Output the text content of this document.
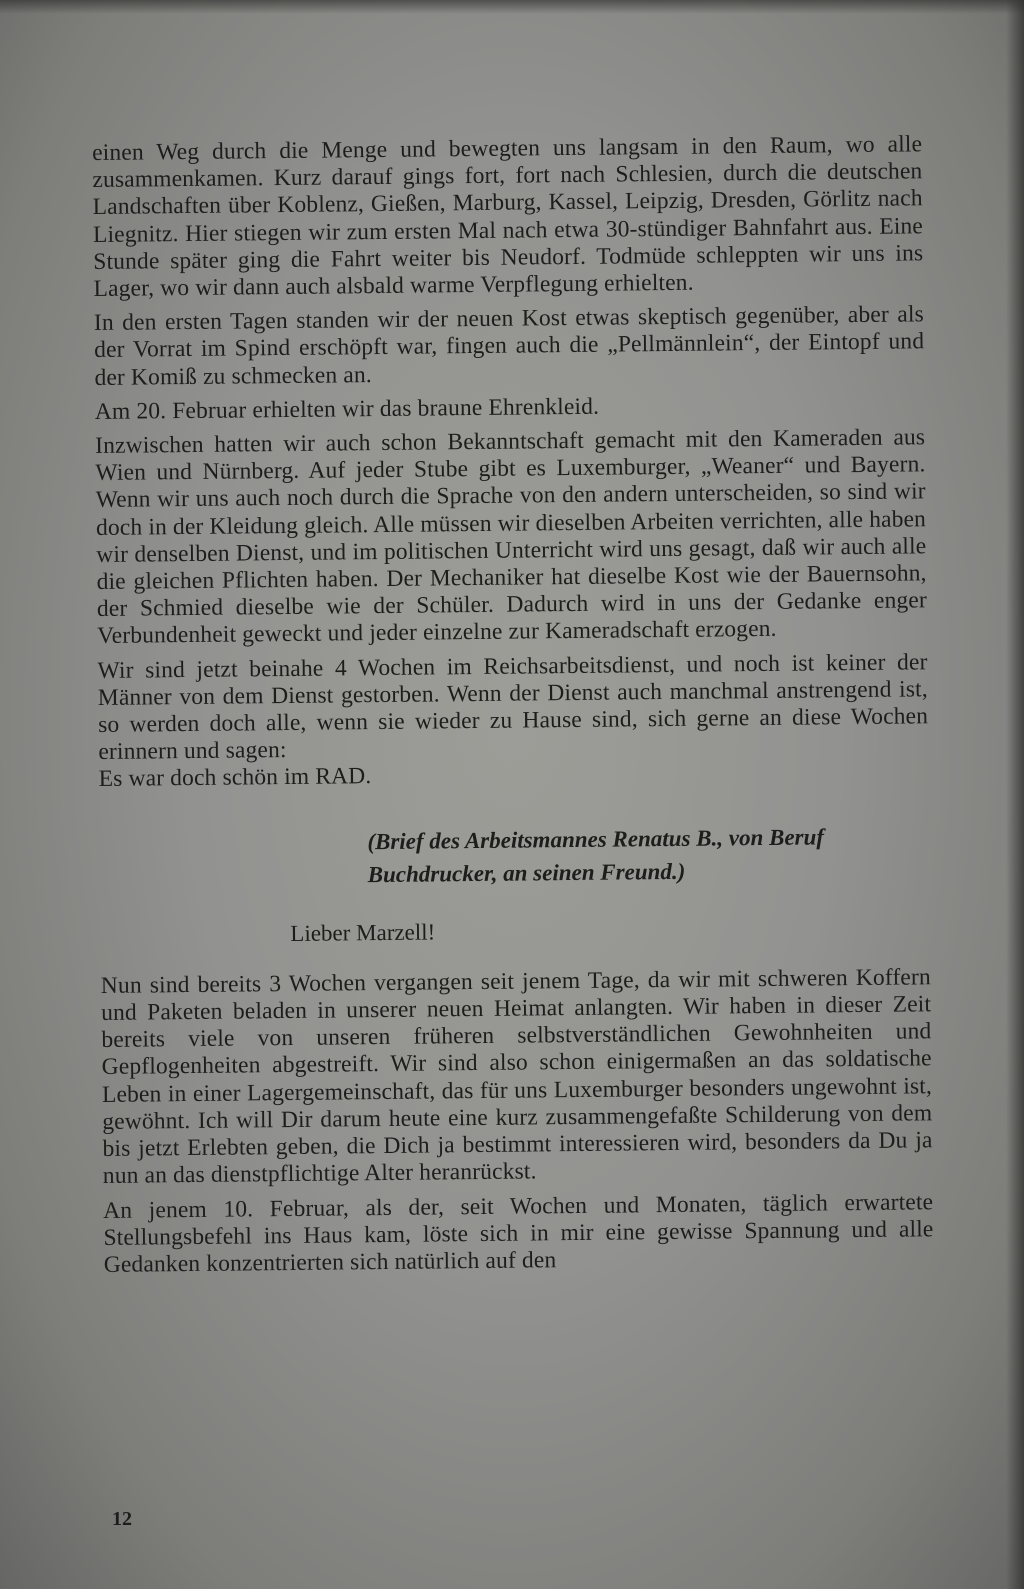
einen Weg durch die Menge und bewegten uns langsam in den Raum, wo alle zusammenkamen. Kurz darauf gings fort, fort nach Schlesien, durch die deutschen Landschaften über Koblenz, Gießen, Marburg, Kassel, Leipzig, Dresden, Görlitz nach Liegnitz. Hier stiegen wir zum ersten Mal nach etwa 30-stündiger Bahnfahrt aus. Eine Stunde später ging die Fahrt weiter bis Neudorf. Todmüde schleppten wir uns ins Lager, wo wir dann auch alsbald warme Verpflegung erhielten.

In den ersten Tagen standen wir der neuen Kost etwas skeptisch gegenüber, aber als der Vorrat im Spind erschöpft war, fingen auch die „Pellmännlein“, der Eintopf und der Komiß zu schmecken an.

Am 20. Februar erhielten wir das braune Ehrenkleid.

Inzwischen hatten wir auch schon Bekanntschaft gemacht mit den Kameraden aus Wien und Nürnberg. Auf jeder Stube gibt es Luxemburger, „Weaner“ und Bayern. Wenn wir uns auch noch durch die Sprache von den andern unterscheiden, so sind wir doch in der Kleidung gleich. Alle müssen wir dieselben Arbeiten verrichten, alle haben wir denselben Dienst, und im politischen Unterricht wird uns gesagt, daß wir auch alle die gleichen Pflichten haben. Der Mechaniker hat dieselbe Kost wie der Bauernsohn, der Schmied dieselbe wie der Schüler. Dadurch wird in uns der Gedanke enger Verbundenheit geweckt und jeder einzelne zur Kameradschaft erzogen.

Wir sind jetzt beinahe 4 Wochen im Reichsarbeitsdienst, und noch ist keiner der Männer von dem Dienst gestorben. Wenn der Dienst auch manchmal anstrengend ist, so werden doch alle, wenn sie wieder zu Hause sind, sich gerne an diese Wochen erinnern und sagen:

Es war doch schön im RAD.

(Brief des Arbeitsmannes Renatus B., von Beruf
Buchdrucker, an seinen Freund.)
Lieber Marzell!

Nun sind bereits 3 Wochen vergangen seit jenem Tage, da wir mit schweren Koffern und Paketen beladen in unserer neuen Heimat anlangten. Wir haben in dieser Zeit bereits viele von unseren früheren selbstverständlichen Gewohnheiten und Gepflogenheiten abgestreift. Wir sind also schon einigermaßen an das soldatische Leben in einer Lagergemeinschaft, das für uns Luxemburger besonders ungewohnt ist, gewöhnt. Ich will Dir darum heute eine kurz zusammengefaßte Schilderung von dem bis jetzt Erlebten geben, die Dich ja bestimmt interessieren wird, besonders da Du ja nun an das dienstpflichtige Alter heranrückst.

An jenem 10. Februar, als der, seit Wochen und Monaten, täglich erwartete Stellungsbefehl ins Haus kam, löste sich in mir eine gewisse Spannung und alle Gedanken konzentrierten sich natürlich auf den

12
